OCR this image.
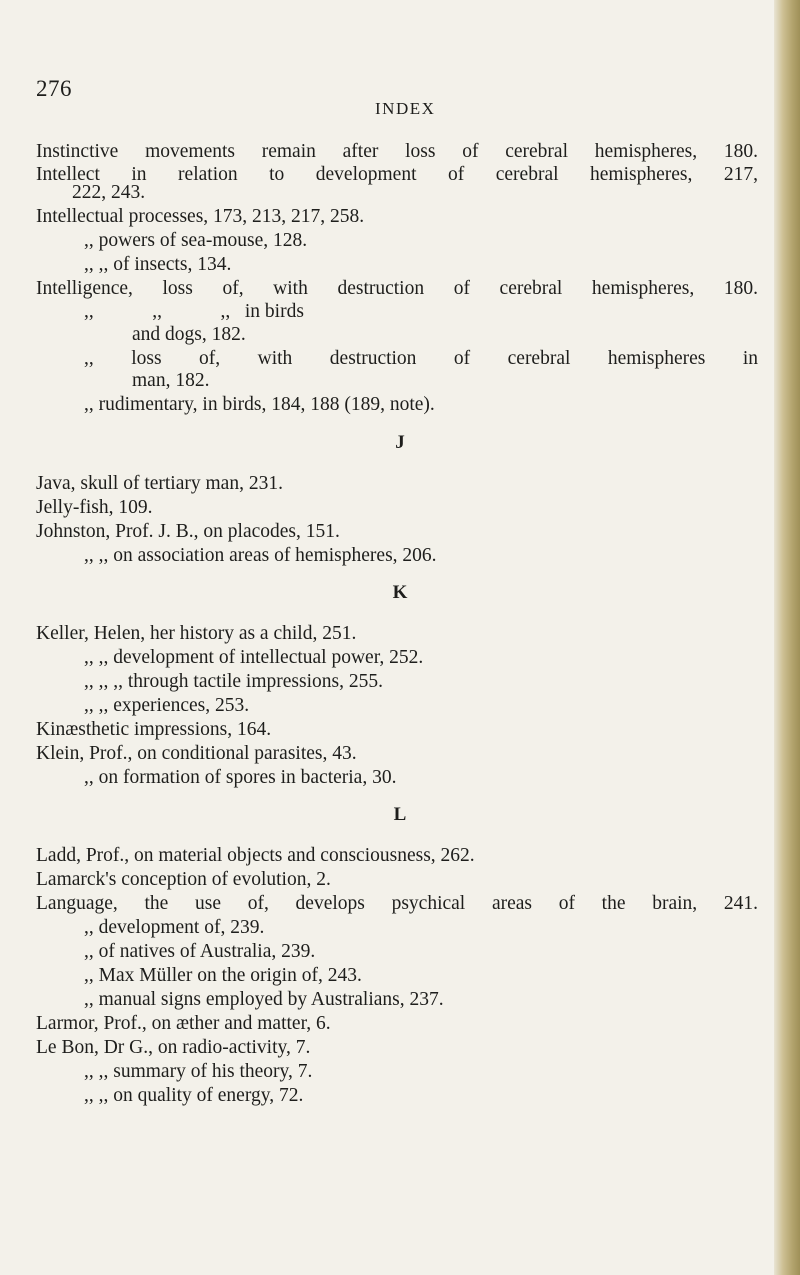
276
INDEX
Instinctive movements remain after loss of cerebral hemispheres, 180.
Intellect in relation to development of cerebral hemispheres, 217,
222, 243.
Intellectual processes, 173, 213, 217, 258.
,, powers of sea-mouse, 128.
,, ,, of insects, 134.
Intelligence, loss of, with destruction of cerebral hemispheres, 180.
,,            ,,            ,,   in birds
and dogs, 182.
,, loss of, with destruction of cerebral hemispheres in
man, 182.
,, rudimentary, in birds, 184, 188 (189, note).
J
Java, skull of tertiary man, 231.
Jelly-fish, 109.
Johnston, Prof. J. B., on placodes, 151.
,, ,, on association areas of hemispheres, 206.
K
Keller, Helen, her history as a child, 251.
,, ,, development of intellectual power, 252.
,, ,, ,, through tactile impressions, 255.
,, ,, experiences, 253.
Kinæsthetic impressions, 164.
Klein, Prof., on conditional parasites, 43.
,, on formation of spores in bacteria, 30.
L
Ladd, Prof., on material objects and consciousness, 262.
Lamarck's conception of evolution, 2.
Language, the use of, develops psychical areas of the brain, 241.
,, development of, 239.
,, of natives of Australia, 239.
,, Max Müller on the origin of, 243.
,, manual signs employed by Australians, 237.
Larmor, Prof., on æther and matter, 6.
Le Bon, Dr G., on radio-activity, 7.
,, ,, summary of his theory, 7.
,, ,, on quality of energy, 72.
